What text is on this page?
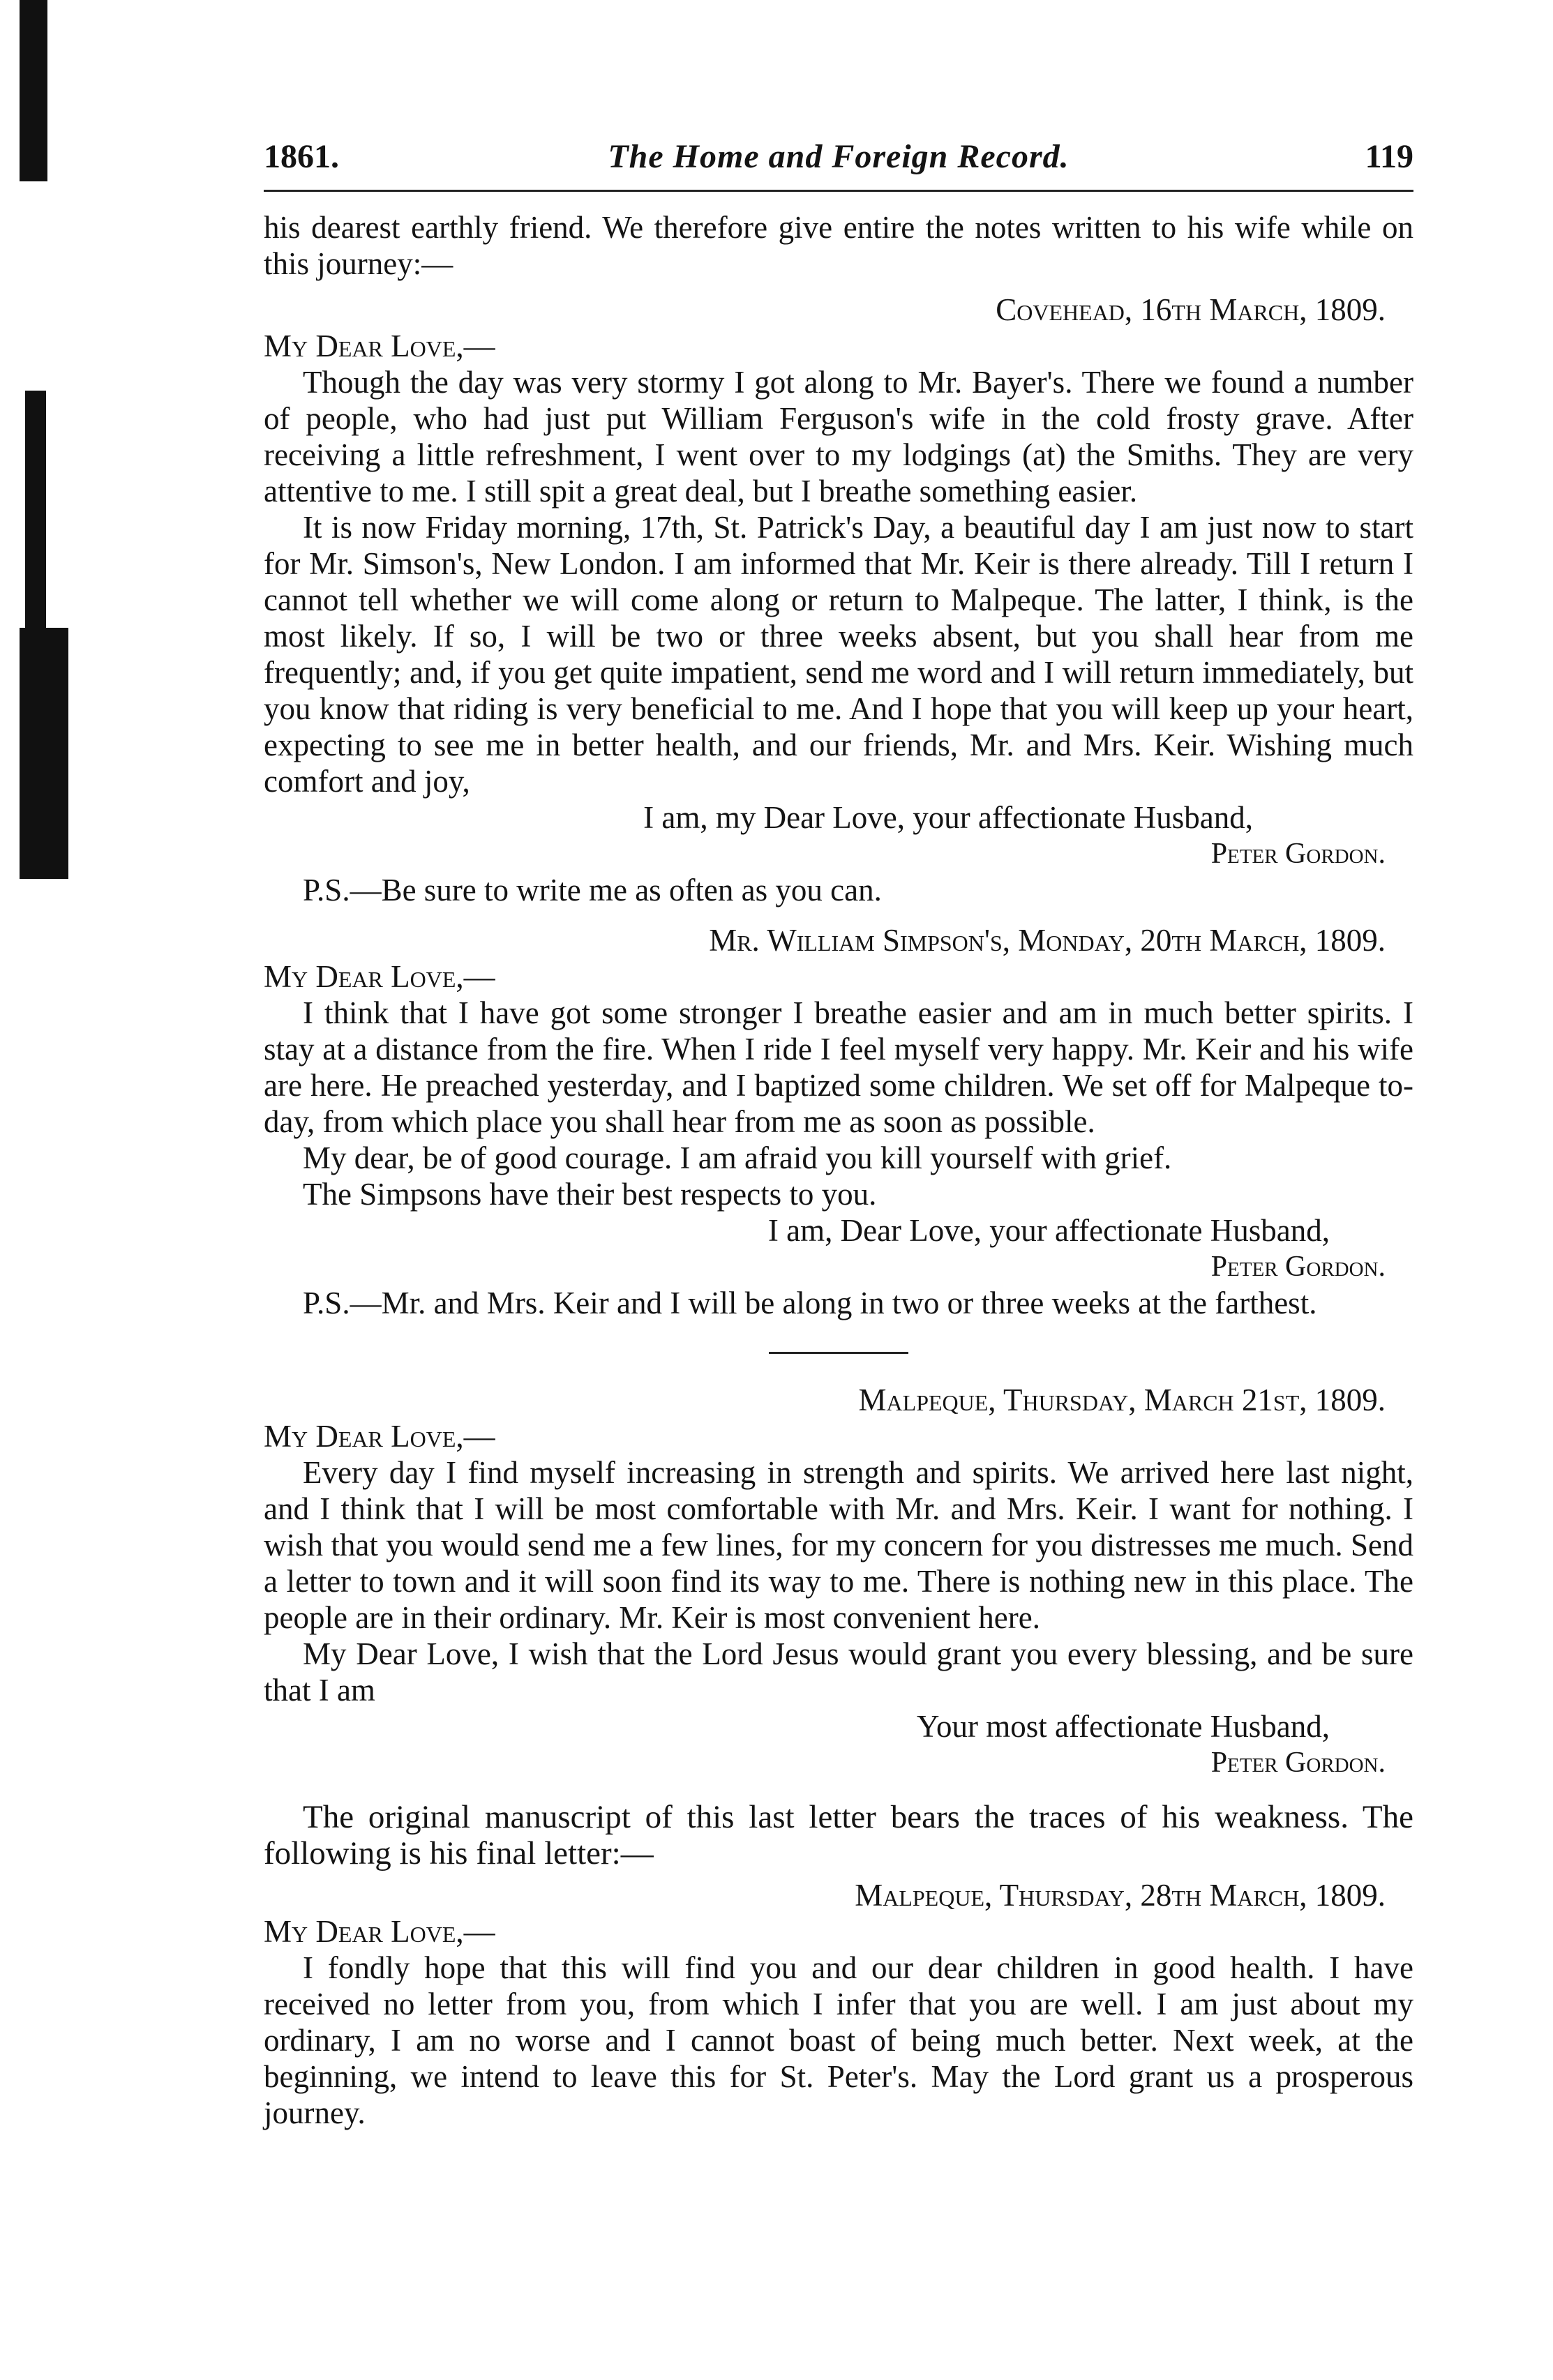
1861.	The Home and Foreign Record.	119

his dearest earthly friend. We therefore give entire the notes written to his wife while on this journey:—

Covehead, 16th March, 1809.

My Dear Love,—

Though the day was very stormy I got along to Mr. Bayer's. There we found a number of people, who had just put William Ferguson's wife in the cold frosty grave. After receiving a little refreshment, I went over to my lodgings (at) the Smiths. They are very attentive to me. I still spit a great deal, but I breathe something easier.

It is now Friday morning, 17th, St. Patrick's Day, a beautiful day I am just now to start for Mr. Simson's, New London. I am informed that Mr. Keir is there already. Till I return I cannot tell whether we will come along or return to Malpeque. The latter, I think, is the most likely. If so, I will be two or three weeks absent, but you shall hear from me frequently; and, if you get quite impatient, send me word and I will return immediately, but you know that riding is very beneficial to me. And I hope that you will keep up your heart, expecting to see me in better health, and our friends, Mr. and Mrs. Keir. Wishing much comfort and joy,

I am, my Dear Love, your affectionate Husband,

Peter Gordon.

P.S.—Be sure to write me as often as you can.

Mr. William Simpson's, Monday, 20th March, 1809.

My Dear Love,—

I think that I have got some stronger I breathe easier and am in much better spirits. I stay at a distance from the fire. When I ride I feel myself very happy. Mr. Keir and his wife are here. He preached yesterday, and I baptized some children. We set off for Malpeque to-day, from which place you shall hear from me as soon as possible.

My dear, be of good courage. I am afraid you kill yourself with grief.

The Simpsons have their best respects to you.

I am, Dear Love, your affectionate Husband,

Peter Gordon.

P.S.—Mr. and Mrs. Keir and I will be along in two or three weeks at the farthest.

Malpeque, Thursday, March 21st, 1809.

My Dear Love,—

Every day I find myself increasing in strength and spirits. We arrived here last night, and I think that I will be most comfortable with Mr. and Mrs. Keir. I want for nothing. I wish that you would send me a few lines, for my concern for you distresses me much. Send a letter to town and it will soon find its way to me. There is nothing new in this place. The people are in their ordinary. Mr. Keir is most convenient here.

My Dear Love, I wish that the Lord Jesus would grant you every blessing, and be sure that I am

Your most affectionate Husband,

Peter Gordon.

The original manuscript of this last letter bears the traces of his weakness. The following is his final letter:—

Malpeque, Thursday, 28th March, 1809.

My Dear Love,—

I fondly hope that this will find you and our dear children in good health. I have received no letter from you, from which I infer that you are well. I am just about my ordinary, I am no worse and I cannot boast of being much better. Next week, at the beginning, we intend to leave this for St. Peter's. May the Lord grant us a prosperous journey.
